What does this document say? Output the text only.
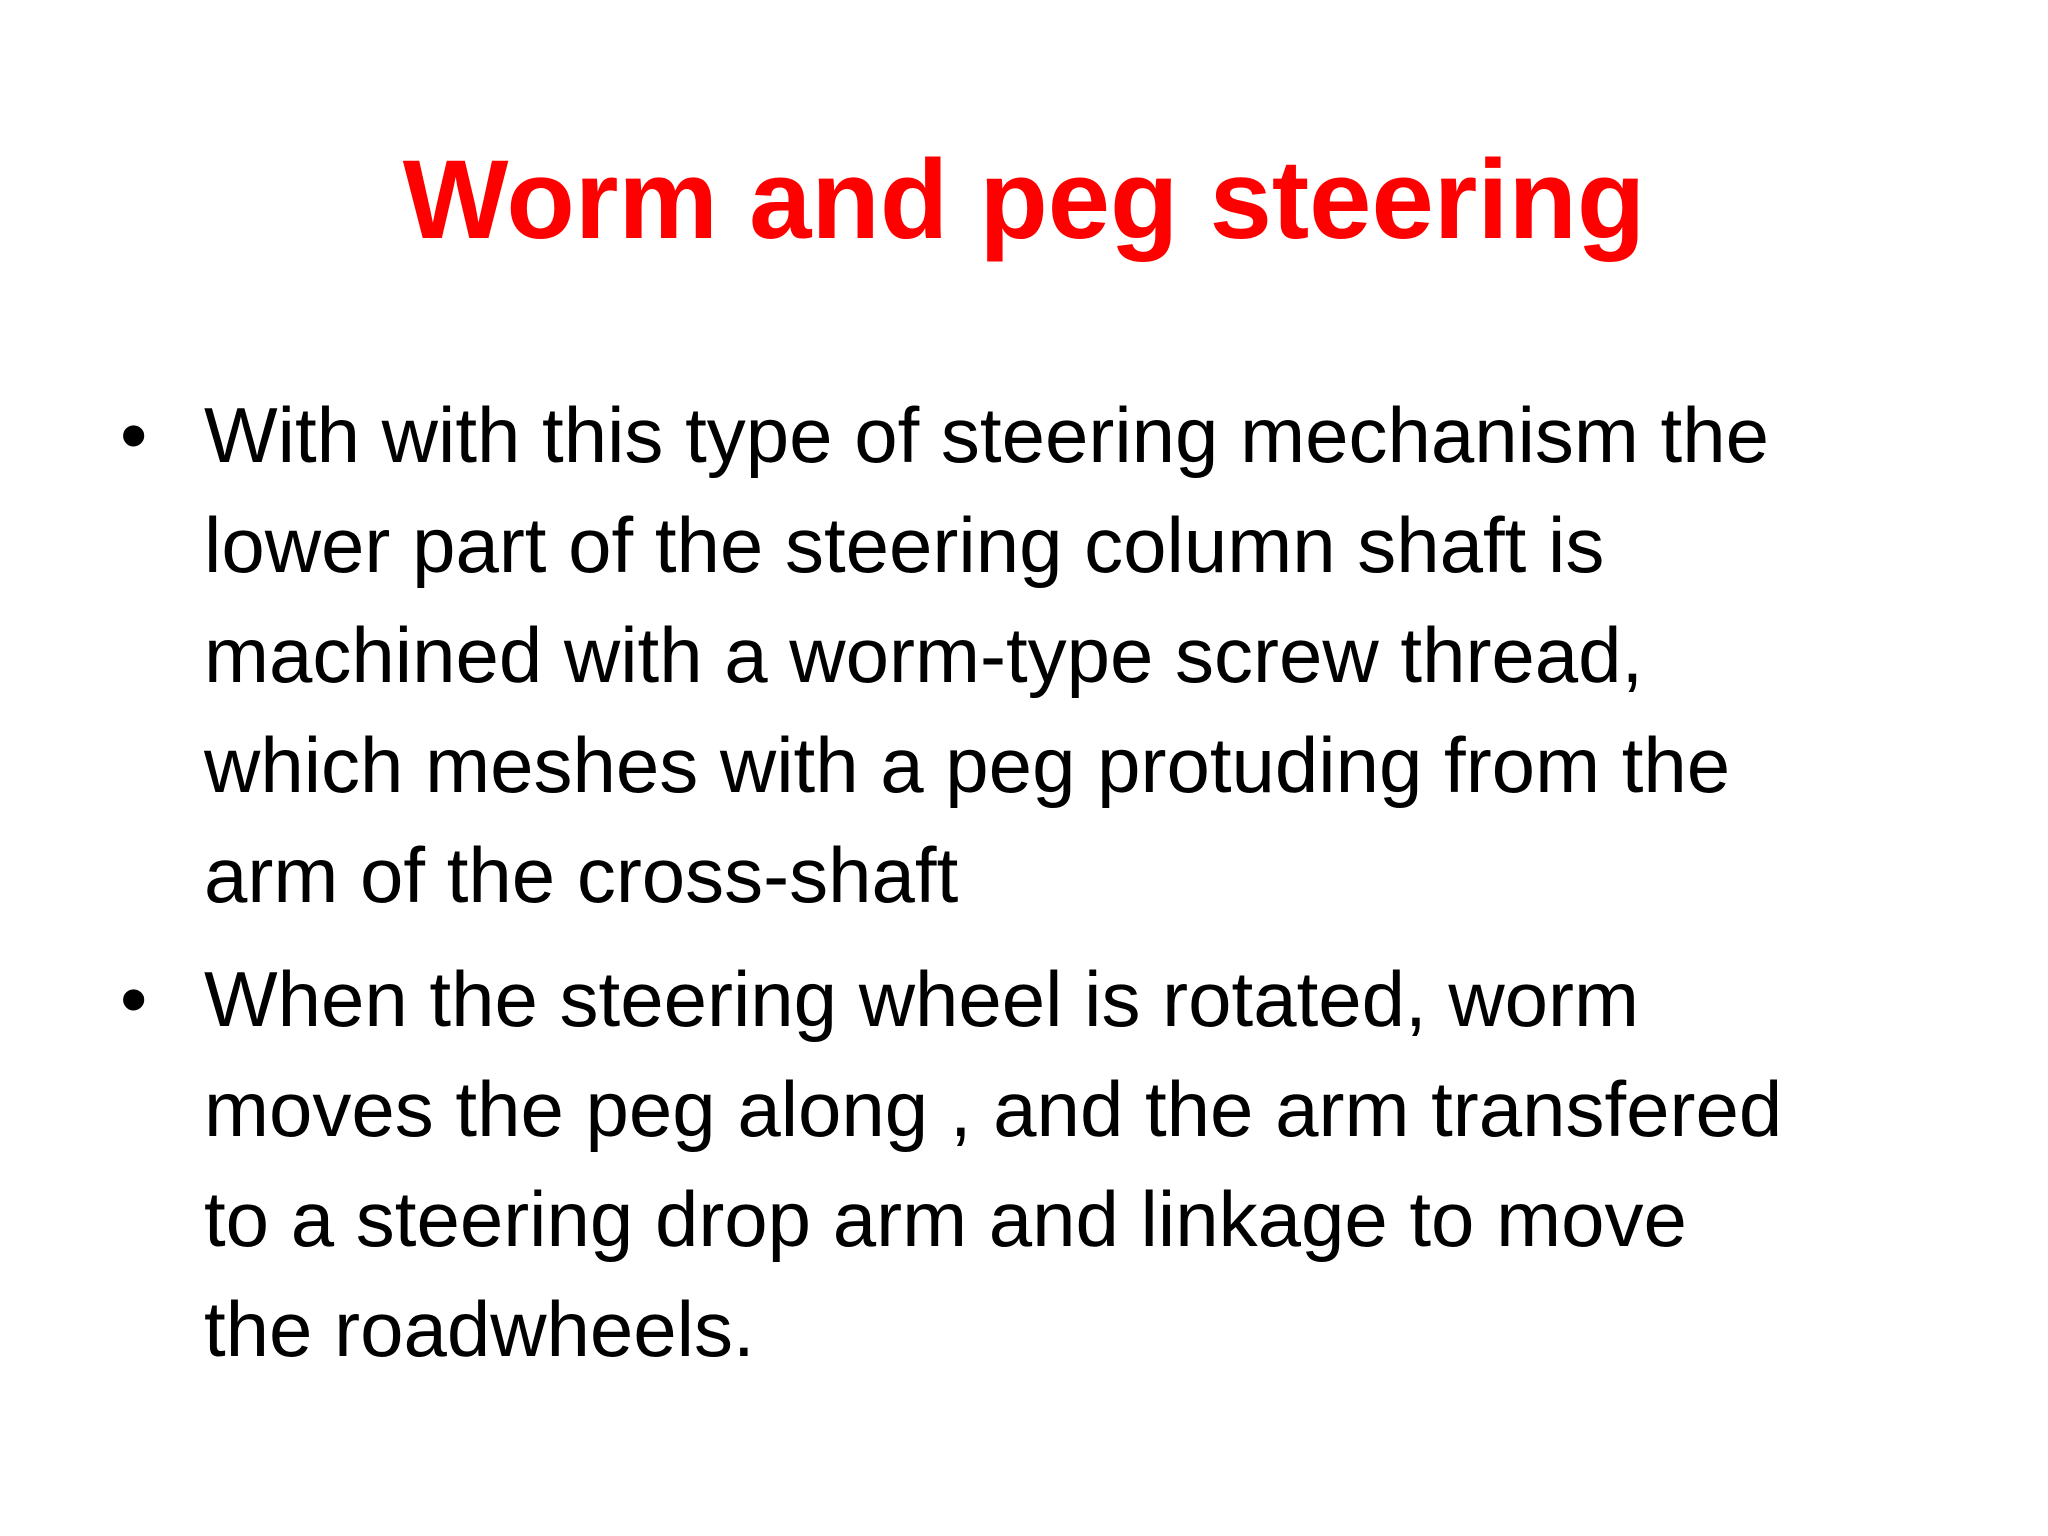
Worm and peg steering
• With with this type of steering mechanism the
lower part of the steering column shaft is
machined with a worm-type screw thread,
which meshes with a peg protuding from the
arm of the cross-shaft
• When the steering wheel is rotated, worm
moves the peg along , and the arm transfered
to a steering drop arm and linkage to move
the roadwheels.
